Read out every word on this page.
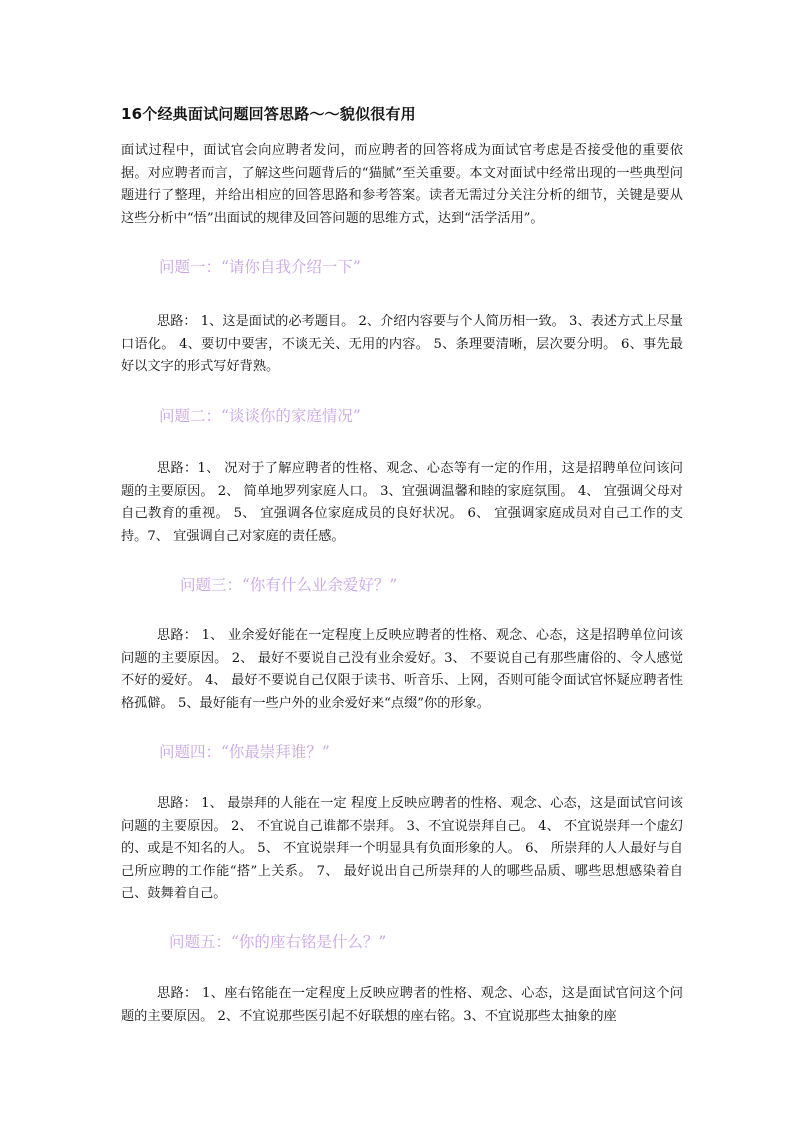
16个经典面试问题回答思路～～貌似很有用
面试过程中，面试官会向应聘者发问，而应聘者的回答将成为面试官考虑是否接受他的重要依据。对应聘者而言，了解这些问题背后的“猫腻”至关重要。本文对面试中经常出现的一些典型问题进行了整理，并给出相应的回答思路和参考答案。读者无需过分关注分析的细节，关键是要从这些分析中“悟”出面试的规律及回答问题的思维方式，达到“活学活用”。
问题一：“请你自我介绍一下”
思路： 1、这是面试的必考题目。 2、介绍内容要与个人简历相一致。 3、表述方式上尽量口语化。 4、要切中要害，不谈无关、无用的内容。 5、条理要清晰，层次要分明。 6、事先最好以文字的形式写好背熟。
问题二：“谈谈你的家庭情况”
思路：1、 况对于了解应聘者的性格、观念、心态等有一定的作用，这是招聘单位问该问题的主要原因。 2、 简单地罗列家庭人口。 3、宜强调温馨和睦的家庭氛围。 4、 宜强调父母对自己教育的重视。 5、 宜强调各位家庭成员的良好状况。 6、 宜强调家庭成员对自己工作的支持。7、 宜强调自己对家庭的责任感。
问题三：“你有什么业余爱好？”
思路： 1、 业余爱好能在一定程度上反映应聘者的性格、观念、心态，这是招聘单位问该问题的主要原因。 2、 最好不要说自己没有业余爱好。3、 不要说自己有那些庸俗的、令人感觉不好的爱好。 4、 最好不要说自己仅限于读书、听音乐、上网，否则可能令面试官怀疑应聘者性格孤僻。 5、最好能有一些户外的业余爱好来“点缀”你的形象。
问题四：“你最崇拜谁？”
思路： 1、 最崇拜的人能在一定 程度上反映应聘者的性格、观念、心态，这是面试官问该问题的主要原因。 2、 不宜说自己谁都不崇拜。 3、不宜说崇拜自己。 4、 不宜说崇拜一个虚幻的、或是不知名的人。 5、 不宜说崇拜一个明显具有负面形象的人。 6、 所崇拜的人人最好与自己所应聘的工作能“搭”上关系。 7、 最好说出自己所崇拜的人的哪些品质、哪些思想感染着自己、鼓舞着自己。
问题五：“你的座右铭是什么？”
思路： 1、座右铭能在一定程度上反映应聘者的性格、观念、心态，这是面试官问这个问题的主要原因。 2、不宜说那些医引起不好联想的座右铭。3、不宜说那些太抽象的座
